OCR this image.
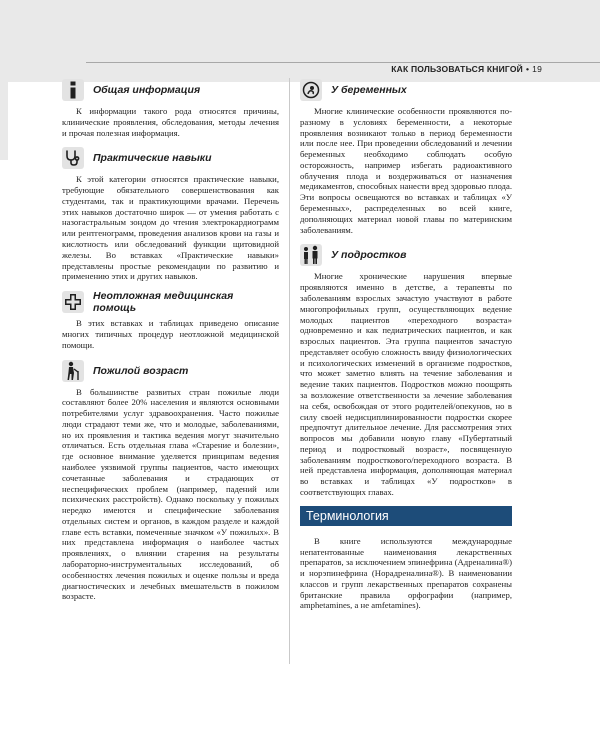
КАК ПОЛЬЗОВАТЬСЯ КНИГОЙ • 19
Общая информация

К информации такого рода относятся причины, клинические проявления, обследования, методы лечения и прочая полезная информация.

Практические навыки

К этой категории относятся практические навыки, требующие обязательного совершенствования как студентами, так и практикующими врачами. Перечень этих навыков достаточно широк — от умения работать с назогастральным зондом до чтения электрокардиограмм или рентгенограмм, проведения анализов крови на газы и кислотность или обследований функции щитовидной железы. Во вставках «Практические навыки» представлены простые рекомендации по развитию и применению этих и других навыков.

Неотложная медицинская помощь

В этих вставках и таблицах приведено описание многих типичных процедур неотложной медицинской помощи.

Пожилой возраст

В большинстве развитых стран пожилые люди составляют более 20% населения и являются основными потребителями услуг здравоохранения. Часто пожилые люди страдают теми же, что и молодые, заболеваниями, но их проявления и тактика ведения могут значительно отличаться. Есть отдельная глава «Старение и болезни», где основное внимание уделяется принципам ведения наиболее уязвимой группы пациентов, часто имеющих сочетанные заболевания и страдающих от неспецифических проблем (например, падений или психических расстройств). Однако поскольку у пожилых нередко имеются и специфические заболевания отдельных систем и органов, в каждом разделе и каждой главе есть вставки, помеченные значком «У пожилых». В них представлена информация о наиболее частых проявлениях, о влиянии старения на результаты лабораторно-инструментальных исследований, об особенностях лечения пожилых и оценке пользы и вреда диагностических и лечебных вмешательств в пожилом возрасте.

У беременных

Многие клинические особенности проявляются по-разному в условиях беременности, а некоторые проявления возникают только в период беременности или после нее. При проведении обследований и лечении беременных необходимо соблюдать особую осторожность, например избегать радиоактивного облучения плода и воздерживаться от назначения медикаментов, способных нанести вред здоровью плода. Эти вопросы освещаются во вставках и таблицах «У беременных», распределенных во всей книге, дополняющих материал новой главы по материнским заболеваниям.

У подростков

Многие хронические нарушения впервые проявляются именно в детстве, а терапевты по заболеваниям взрослых зачастую участвуют в работе многопрофильных групп, осуществляющих ведение молодых пациентов «переходного возраста» одновременно и как педиатрических пациентов, и как взрослых пациентов. Эта группа пациентов зачастую представляет особую сложность ввиду физиологических и психологических изменений в организме подростков, что может заметно влиять на течение заболевания и ведение таких пациентов. Подростков можно поощрять за возложение ответственности за лечение заболевания на себя, освобождая от этого родителей/опекунов, но в силу своей недисциплинированности подростки скорее предпочтут длительное лечение. Для рассмотрения этих вопросов мы добавили новую главу «Пубертатный период и подростковый возраст», посвященную заболеваниям подросткового/переходного возраста. В ней представлена информация, дополняющая материал во вставках и таблицах «У подростков» в соответствующих главах.

Терминология

В книге используются международные непатентованные наименования лекарственных препаратов, за исключением эпинефрина (Адреналина®) и норэпинефрина (Норадреналина®). В наименовании классов и групп лекарственных препаратов сохранены британские правила орфографии (например, amphetamines, а не amfetamines).
